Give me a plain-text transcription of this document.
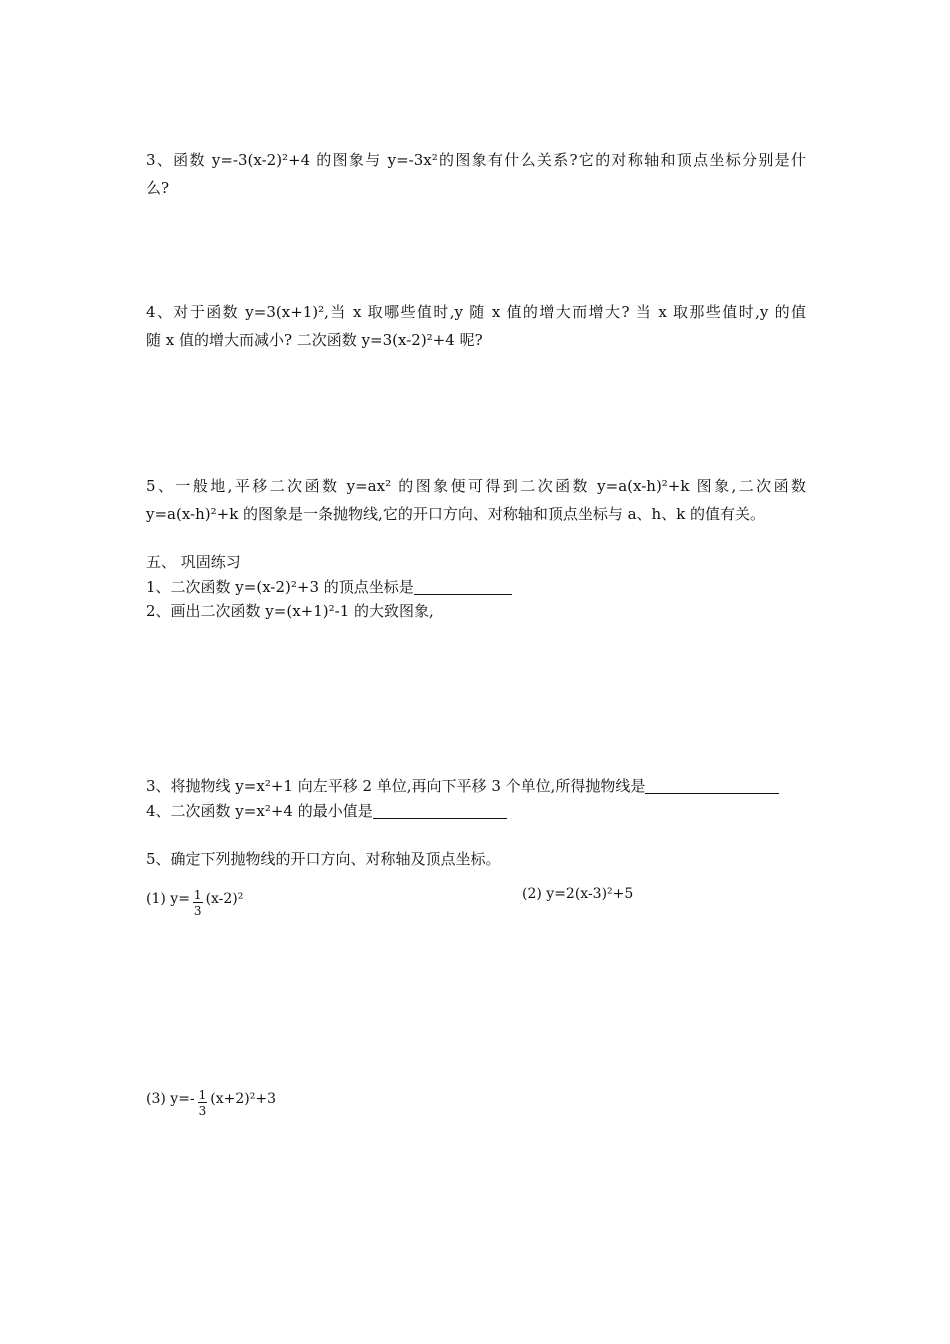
3、函数 y=-3(x-2)²+4 的图象与 y=-3x²的图象有什么关系?它的对称轴和顶点坐标分别是什
么?
4、对于函数 y=3(x+1)²,当 x 取哪些值时,y 随 x 值的增大而增大? 当 x 取那些值时,y 的值
随 x 值的增大而减小? 二次函数 y=3(x-2)²+4 呢?
5、一般地,平移二次函数 y=ax² 的图象便可得到二次函数 y=a(x-h)²+k 图象,二次函数
y=a(x-h)²+k 的图象是一条抛物线,它的开口方向、对称轴和顶点坐标与 a、h、k 的值有关。
五、 巩固练习
1、二次函数 y=(x-2)²+3 的顶点坐标是
2、画出二次函数 y=(x+1)²-1 的大致图象,
3、将抛物线 y=x²+1 向左平移 2 单位,再向下平移 3 个单位,所得抛物线是
4、二次函数 y=x²+4 的最小值是
5、确定下列抛物线的开口方向、对称轴及顶点坐标。
(1) $y= \frac{1}{3} (x-2)^2$	(2) y=2(x-3)²+5
(3) $y=- \frac{1}{3} (x+2)^2+3$
